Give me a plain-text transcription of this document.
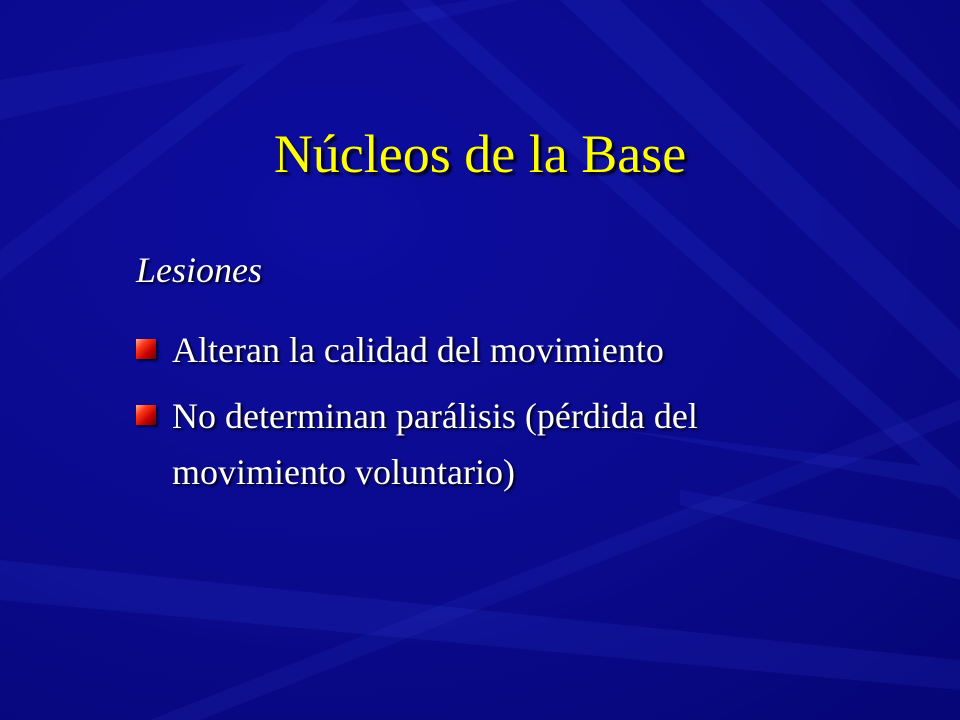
Núcleos de la Base
Lesiones
Alteran la calidad del movimiento
No determinan parálisis (pérdida del movimiento voluntario)
